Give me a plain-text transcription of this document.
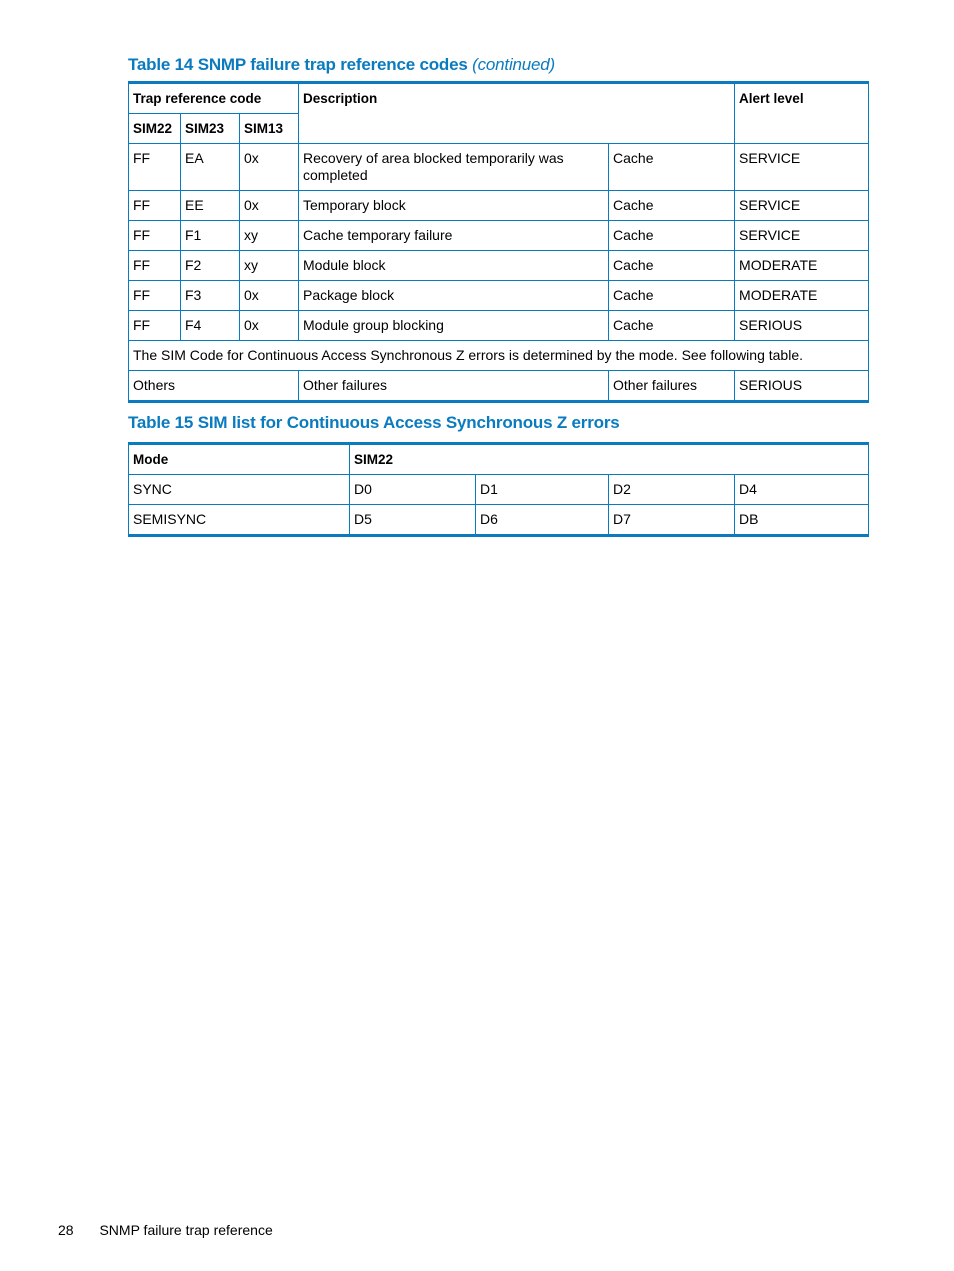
Table 14 SNMP failure trap reference codes (continued)
Trap reference code			Description		Alert level
SIM22	SIM23	SIM13			
FF	EA	0x	Recovery of area blocked temporarily was completed	Cache	SERVICE
FF	EE	0x	Temporary block	Cache	SERVICE
FF	F1	xy	Cache temporary failure	Cache	SERVICE
FF	F2	xy	Module block	Cache	MODERATE
FF	F3	0x	Package block	Cache	MODERATE
FF	F4	0x	Module group blocking	Cache	SERIOUS
The SIM Code for Continuous Access Synchronous Z errors is determined by the mode. See following table.					
Others			Other failures	Other failures	SERIOUS
Table 15 SIM list for Continuous Access Synchronous Z errors
Mode	SIM22			
SYNC	D0	D1	D2	D4
SEMISYNC	D5	D6	D7	DB
28 SNMP failure trap reference
